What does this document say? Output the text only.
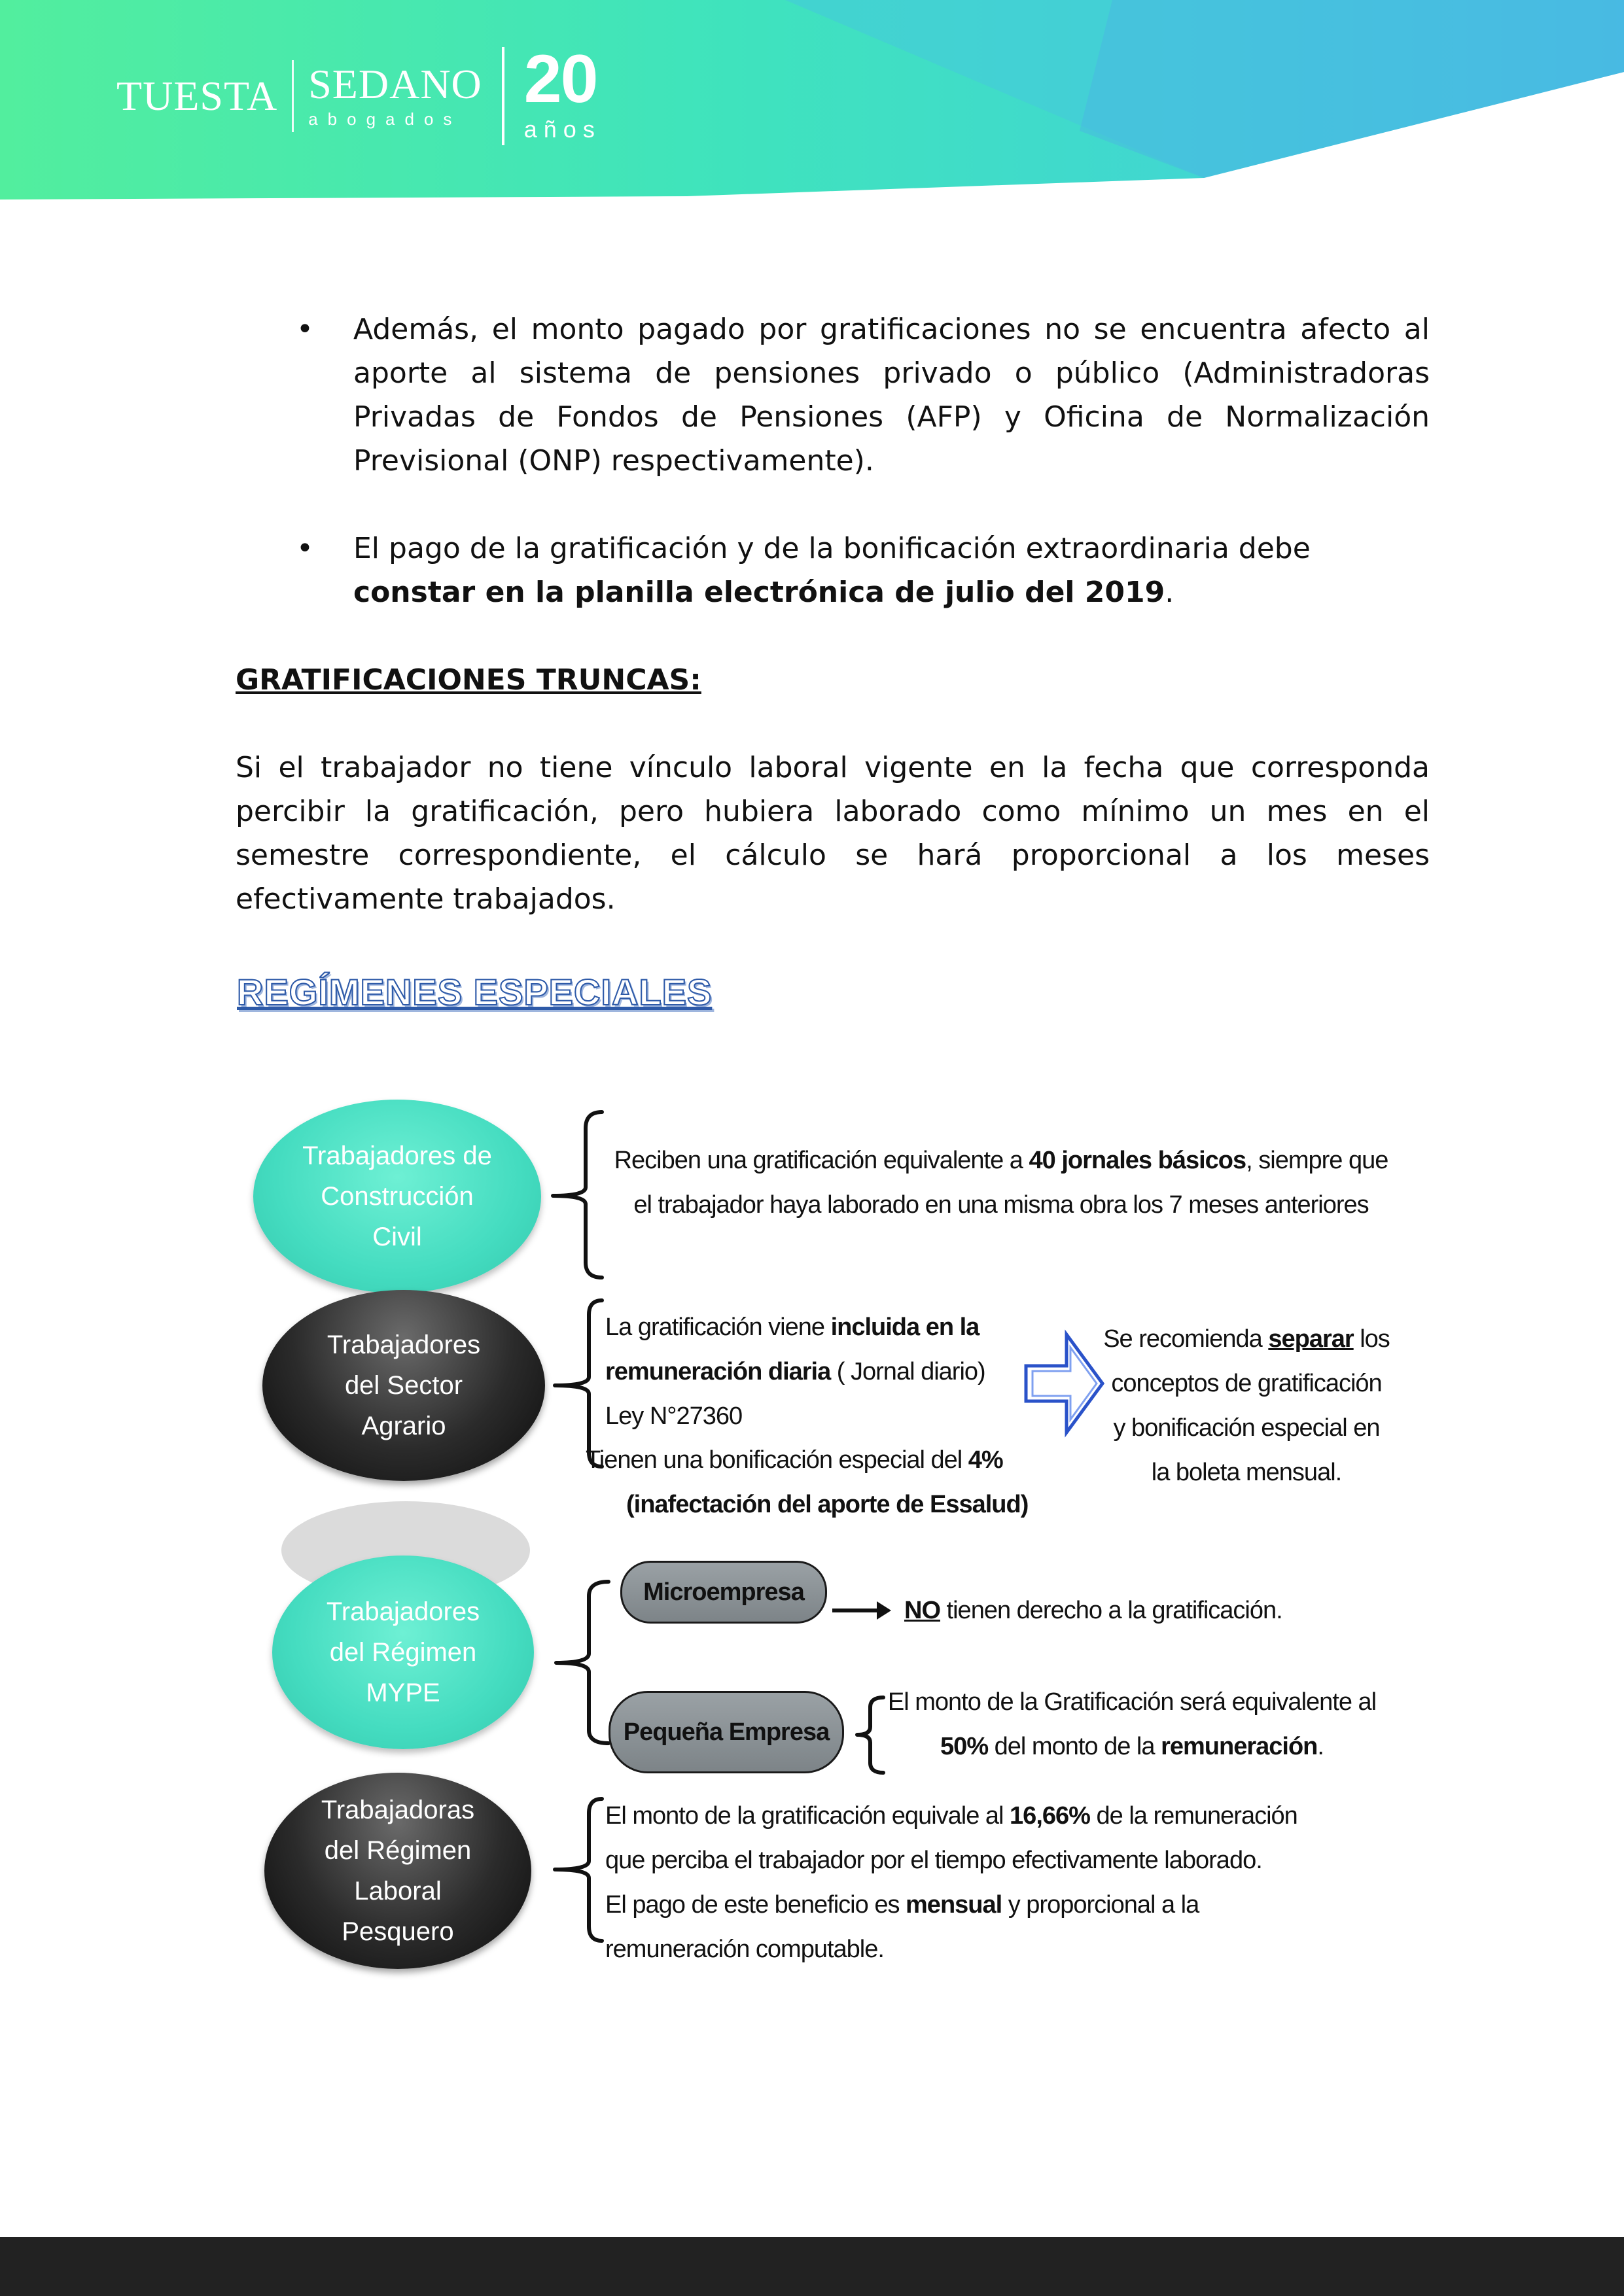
TUESTA SEDANO
abogados
20
años
• Además, el monto pagado por gratificaciones no se encuentra afecto al aporte al sistema de pensiones privado o público (Administradoras Privadas de Fondos de Pensiones (AFP) y Oficina de Normalización Previsional (ONP) respectivamente).
• El pago de la gratificación y de la bonificación extraordinaria debe constar en la planilla electrónica de julio del 2019.
GRATIFICACIONES TRUNCAS:
Si el trabajador no tiene vínculo laboral vigente en la fecha que corresponda percibir la gratificación, pero hubiera laborado como mínimo un mes en el semestre correspondiente, el cálculo se hará proporcional a los meses efectivamente trabajados.
REGÍMENES ESPECIALES
Trabajadores de
Construcción
Civil
Reciben una gratificación equivalente a 40 jornales básicos, siempre que
el trabajador haya laborado en una misma obra los 7 meses anteriores
Trabajadores
del Sector
Agrario
La gratificación viene incluida en la
remuneración diaria ( Jornal diario)
Ley N°27360
Tienen una bonificación especial del 4%
(inafectación del aporte de Essalud)
Se recomienda separar los
conceptos de gratificación
y bonificación especial en
la boleta mensual.
Trabajadores
del Régimen
MYPE
Microempresa
NO tienen derecho a la gratificación.
Pequeña Empresa
El monto de la Gratificación será equivalente al
50% del monto de la remuneración.
Trabajadoras
del Régimen
Laboral
Pesquero
El monto de la gratificación equivale al 16,66% de la remuneración
que perciba el trabajador por el tiempo efectivamente laborado.
El pago de este beneficio es mensual y proporcional a la
remuneración computable.
